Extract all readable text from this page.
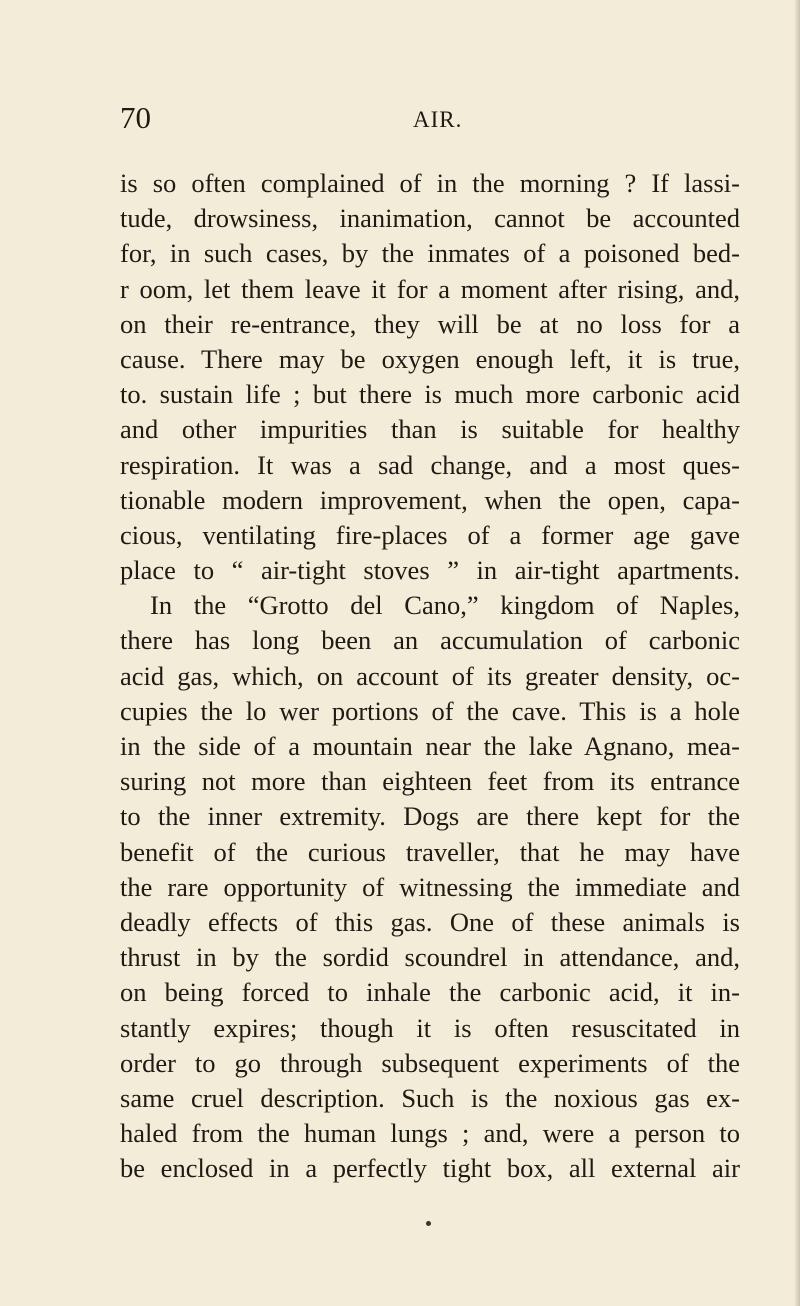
70	AIR.
is so often complained of in the morning ? If lassi-
tude, drowsiness, inanimation, cannot be accounted
for, in such cases, by the inmates of a poisoned bed-
r oom, let them leave it for a moment after rising, and,
on their re-entrance, they will be at no loss for a
cause. There may be oxygen enough left, it is true,
to. sustain life ; but there is much more carbonic acid
and other impurities than is suitable for healthy
respiration. It was a sad change, and a most ques-
tionable modern improvement, when the open, capa-
cious, ventilating fire-places of a former age gave
place to “ air-tight stoves ” in air-tight apartments.
In the “Grotto del Cano,” kingdom of Naples,
there has long been an accumulation of carbonic
acid gas, which, on account of its greater density, oc-
cupies the lo wer portions of the cave. This is a hole
in the side of a mountain near the lake Agnano, mea-
suring not more than eighteen feet from its entrance
to the inner extremity. Dogs are there kept for the
benefit of the curious traveller, that he may have
the rare opportunity of witnessing the immediate and
deadly effects of this gas. One of these animals is
thrust in by the sordid scoundrel in attendance, and,
on being forced to inhale the carbonic acid, it in-
stantly expires; though it is often resuscitated in
order to go through subsequent experiments of the
same cruel description. Such is the noxious gas ex-
haled from the human lungs ; and, were a person to
be enclosed in a perfectly tight box, all external air
